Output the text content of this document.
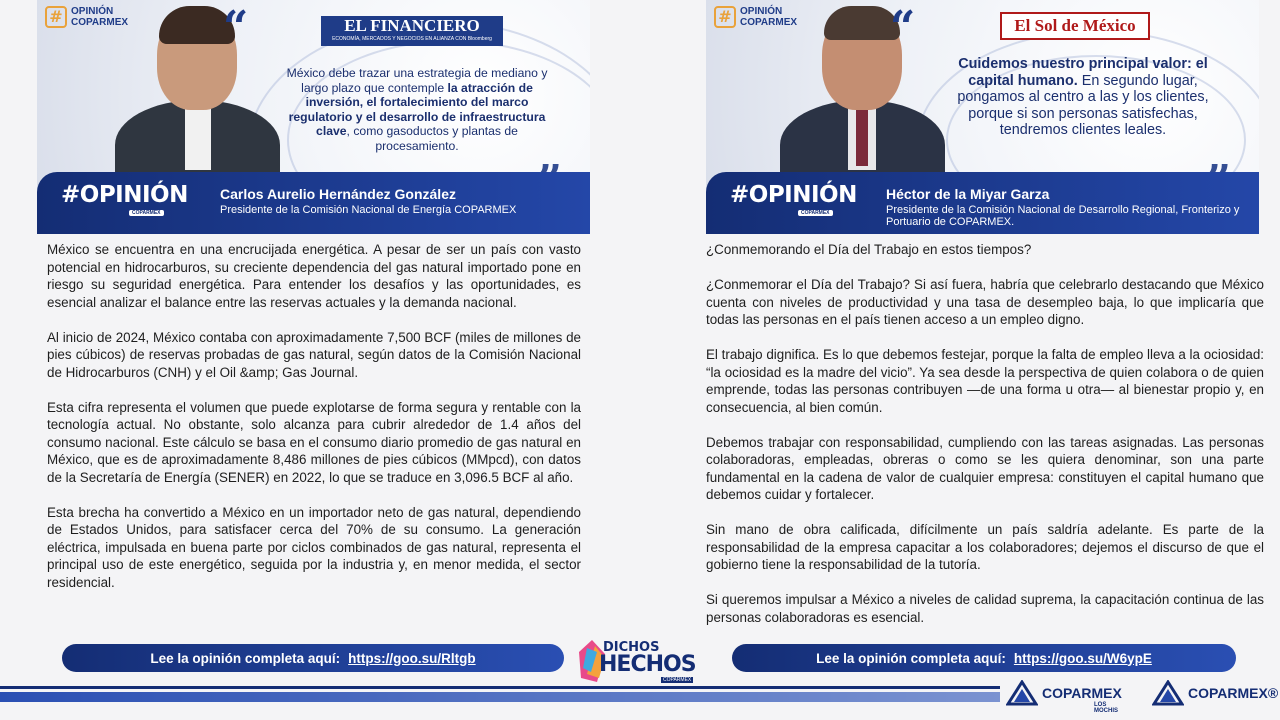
# OPINIÓN
COPARMEX “	EL FINANCIERO
ECONOMÍA, MERCADOS Y NEGOCIOS EN ALIANZA CON Bloomberg
México debe trazar una estrategia de mediano y largo plazo que contemple la atracción de inversión, el fortalecimiento del marco regulatorio y el desarrollo de infraestructura clave, como gasoductos y plantas de procesamiento.
#OPINIÓN
COPARMEX
Carlos Aurelio Hernández González
Presidente de la Comisión Nacional de Energía COPARMEX

México se encuentra en una encrucijada energética. A pesar de ser un país con vasto potencial en hidrocarburos, su creciente dependencia del gas natural importado pone en riesgo su seguridad energética. Para entender los desafíos y las oportunidades, es esencial analizar el balance entre las reservas actuales y la demanda nacional.

Al inicio de 2024, México contaba con aproximadamente 7,500 BCF (miles de millones de pies cúbicos) de reservas probadas de gas natural, según datos de la Comisión Nacional de Hidrocarburos (CNH) y el Oil &amp; Gas Journal.

Esta cifra representa el volumen que puede explotarse de forma segura y rentable con la tecnología actual. No obstante, solo alcanza para cubrir alrededor de 1.4 años del consumo nacional. Este cálculo se basa en el consumo diario promedio de gas natural en México, que es de aproximadamente 8,486 millones de pies cúbicos (MMpcd), con datos de la Secretaría de Energía (SENER) en 2022, lo que se traduce en 3,096.5 BCF al año.

Esta brecha ha convertido a México en un importador neto de gas natural, dependiendo de Estados Unidos, para satisfacer cerca del 70% de su consumo. La generación eléctrica, impulsada en buena parte por ciclos combinados de gas natural, representa el principal uso de este energético, seguida por la industria y, en menor medida, el sector residencial.

# OPINIÓN
COPARMEX “	El Sol de México
Cuidemos nuestro principal valor: el capital humano. En segundo lugar, pongamos al centro a las y los clientes, porque si son personas satisfechas, tendremos clientes leales.
#OPINIÓN
COPARMEX
Héctor de la Miyar Garza
Presidente de la Comisión Nacional de Desarrollo Regional, Fronterizo y Portuario de COPARMEX.

¿Conmemorando el Día del Trabajo en estos tiempos?

¿Conmemorar el Día del Trabajo? Si así fuera, habría que celebrarlo destacando que México cuenta con niveles de productividad y una tasa de desempleo baja, lo que implicaría que todas las personas en el país tienen acceso a un empleo digno.

El trabajo dignifica. Es lo que debemos festejar, porque la falta de empleo lleva a la ociosidad: “la ociosidad es la madre del vicio”. Ya sea desde la perspectiva de quien colabora o de quien emprende, todas las personas contribuyen —de una forma u otra— al bienestar propio y, en consecuencia, al bien común.

Debemos trabajar con responsabilidad, cumpliendo con las tareas asignadas. Las personas colaboradoras, empleadas, obreras o como se les quiera denominar, son una parte fundamental en la cadena de valor de cualquier empresa: constituyen el capital humano que debemos cuidar y fortalecer.

Sin mano de obra calificada, difícilmente un país saldría adelante. Es parte de la responsabilidad de la empresa capacitar a los colaboradores; dejemos el discurso de que el gobierno tiene la responsabilidad de la tutoría.

Si queremos impulsar a México a niveles de calidad suprema, la capacitación continua de las personas colaboradoras es esencial.

Lee la opinión completa aquí: https://goo.su/Rltgb	Lee la opinión completa aquí: https://goo.su/W6ypE
DICHOS
HECHOS
COPARMEX
COPARMEX
LOS MOCHIS
COPARMEX®
